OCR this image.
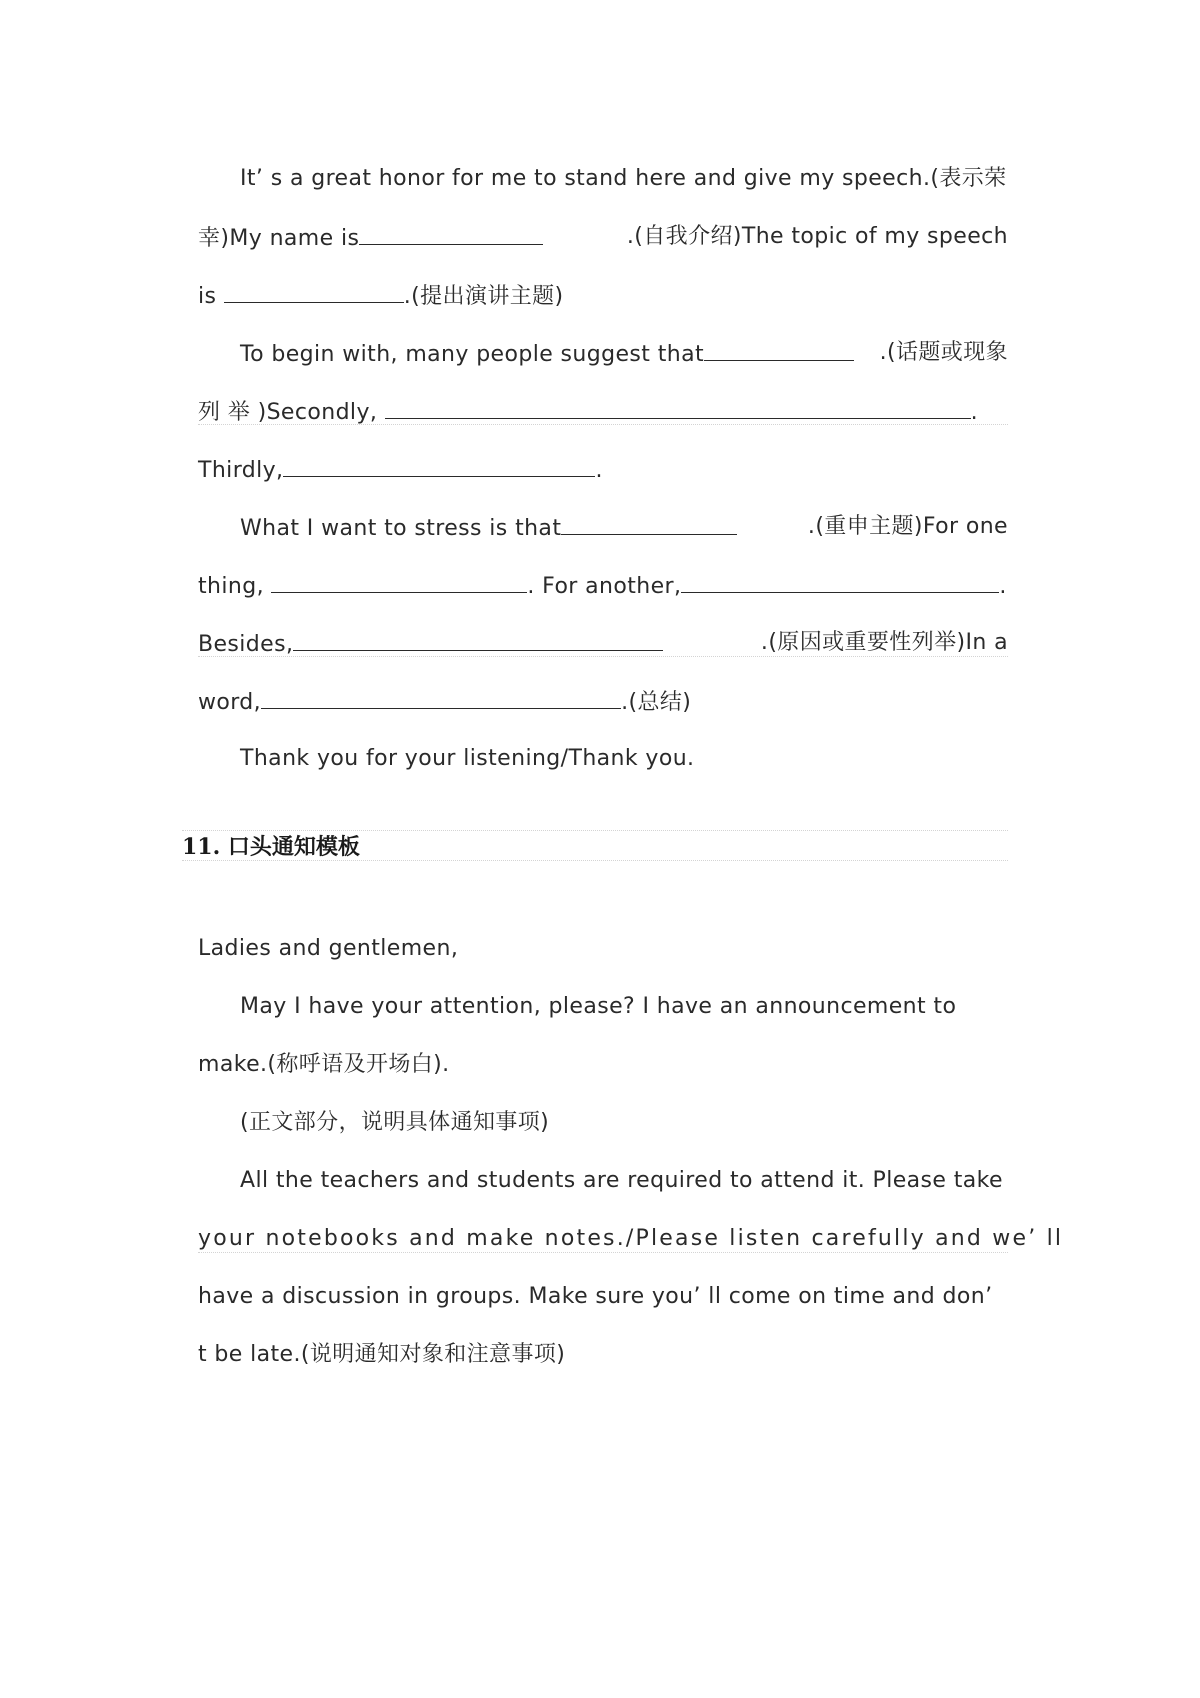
It’ s a great honor for me to stand here and give my speech.(表示荣
幸)My name is	.(自我介绍)The topic of my speech
is	.(提出演讲主题)
To begin with, many people suggest that	.(话题或现象
列 举 )Secondly,	.
Thirdly,	.
What I want to stress is that	.(重申主题)For one
thing,	. For another,	.
Besides,	.(原因或重要性列举)In a
word,	.(总结)
Thank you for your listening/Thank you.
11. 口头通知模板
Ladies and gentlemen,
May I have your attention, please? I have an announcement to
make.(称呼语及开场白).
(正文部分，说明具体通知事项)
All the teachers and students are required to attend it. Please take
your notebooks and make notes./Please listen carefully and we’ ll
have a discussion in groups. Make sure you’ ll come on time and don’
t be late.(说明通知对象和注意事项)
